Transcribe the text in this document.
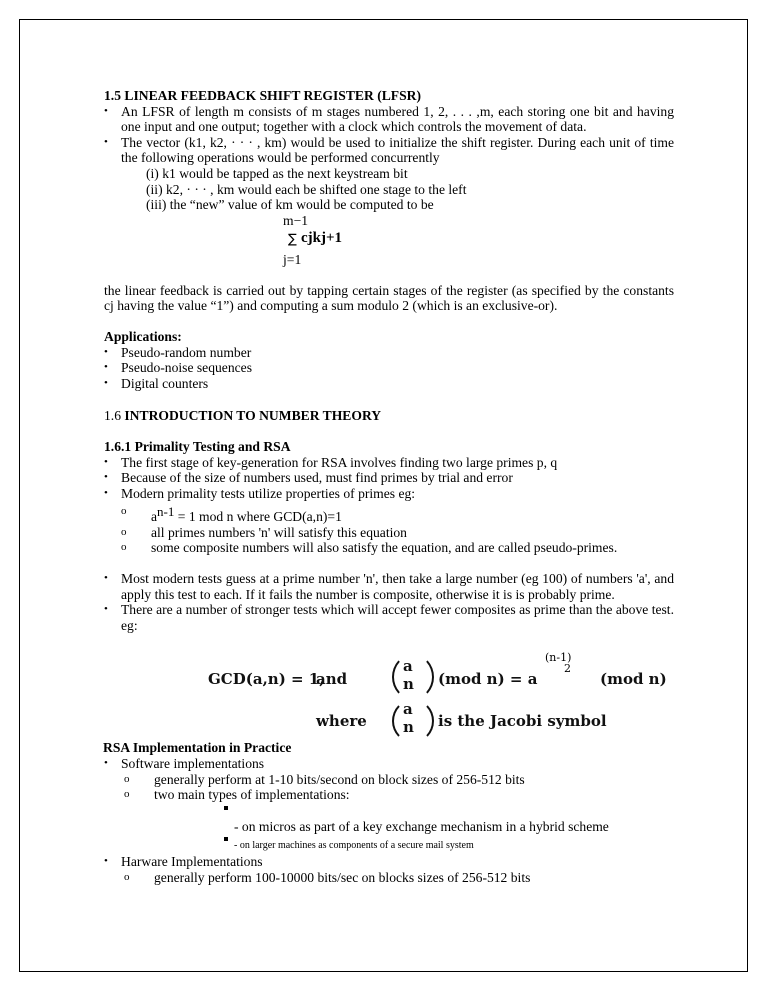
1.5 LINEAR FEEDBACK SHIFT REGISTER (LFSR)

• An LFSR of length m consists of m stages numbered 1, 2, . . . ,m, each storing one bit and having one input and one output; together with a clock which controls the movement of data.
• The vector (k1, k2, · · · , km) would be used to initialize the shift register. During each unit of time the following operations would be performed concurrently

(i) k1 would be tapped as the next keystream bit

(ii) k2, · · · , km would each be shifted one stage to the left

(iii) the “new” value of km would be computed to be

m−1
∑ cjkj+1
j=1

the linear feedback is carried out by tapping certain stages of the register (as specified by the constants cj having the value “1”) and computing a sum modulo 2 (which is an exclusive-or).

Applications:

• Pseudo-random number
• Pseudo-noise sequences
• Digital counters

1.6 INTRODUCTION TO NUMBER THEORY

1.6.1 Primality Testing and RSA

• The first stage of key-generation for RSA involves finding two large primes p, q
• Because of the size of numbers used, must find primes by trial and error
• Modern primality tests utilize properties of primes eg:
o $a^{n-1} = 1$ mod n where GCD(a,n)=1
o all primes numbers 'n' will satisfy this equation
o some composite numbers will also satisfy the equation, and are called pseudo-primes.
• Most modern tests guess at a prime number 'n', then take a large number (eg 100) of numbers 'a', and apply this test to each. If it fails the number is composite, otherwise it is is probably prime.
• There are a number of stronger tests which will accept fewer composites as prime than the above test. eg:
GCD(a,n) = 1,
and
a
n (mod n) = a
(n-1)
2
(mod n)
where
a
n is the Jacobi symbol

RSA Implementation in Practice

• Software implementations
o generally perform at 1-10 bits/second on block sizes of 256-512 bits
o two main types of implementations:
- on micros as part of a key exchange mechanism in a hybrid scheme
- on larger machines as components of a secure mail system
• Harware Implementations
o generally perform 100-10000 bits/sec on blocks sizes of 256-512 bits
